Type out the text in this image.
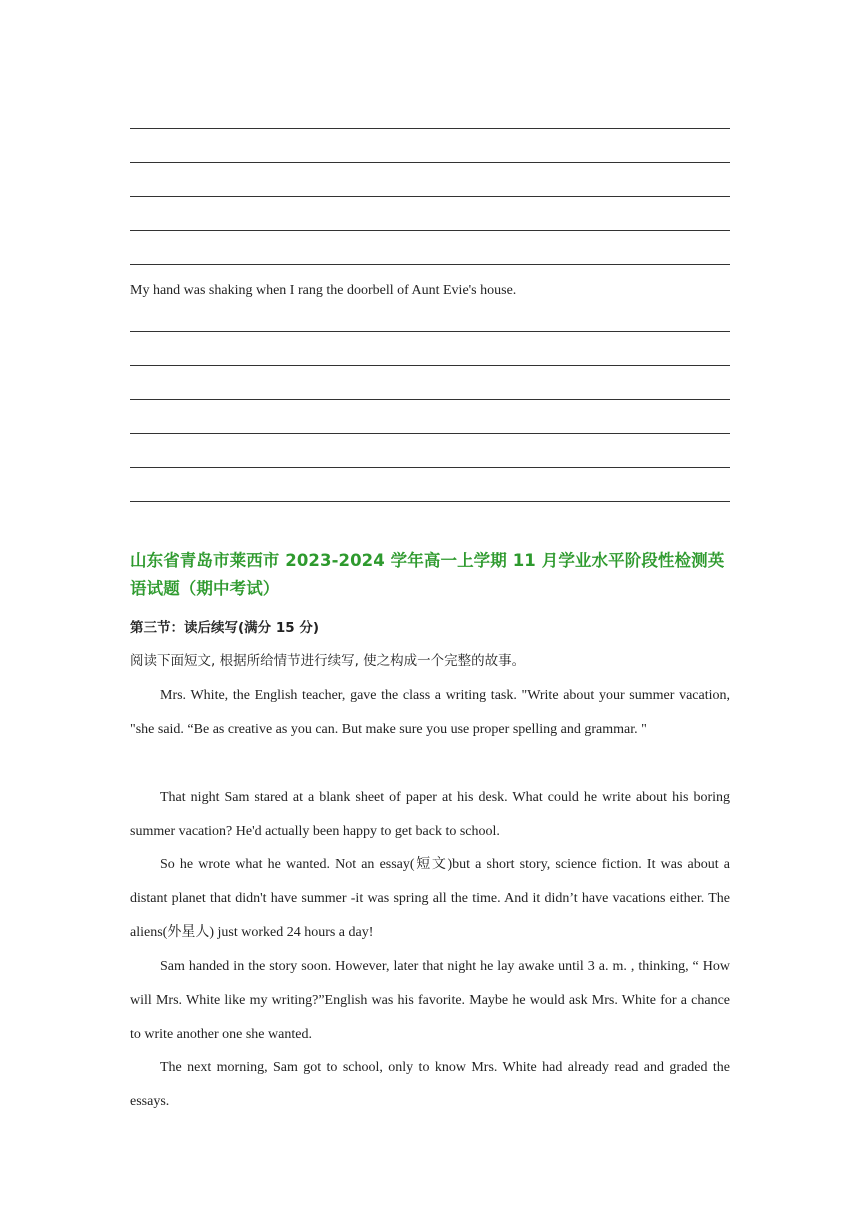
My hand was shaking when I rang the doorbell of Aunt Evie's house.
山东省青岛市莱西市 2023-2024 学年高一上学期 11 月学业水平阶段性检测英语试题（期中考试）
第三节：读后续写(满分 15 分)
阅读下面短文, 根据所给情节进行续写, 使之构成一个完整的故事。
Mrs. White, the English teacher, gave the class a writing task. "Write about your summer vacation, "she said. “Be as creative as you can. But make sure you use proper spelling and grammar. "
That night Sam stared at a blank sheet of paper at his desk. What could he write about his boring summer vacation? He'd actually been happy to get back to school.
So he wrote what he wanted. Not an essay(短文)but a short story, science fiction. It was about a distant planet that didn't have summer -it was spring all the time. And it didn’t have vacations either. The aliens(外星人) just worked 24 hours a day!
Sam handed in the story soon. However, later that night he lay awake until 3 a. m. , thinking, “ How will Mrs. White like my writing?”English was his favorite. Maybe he would ask Mrs. White for a chance to write another one she wanted.
The next morning, Sam got to school, only to know Mrs. White had already read and graded the essays.
